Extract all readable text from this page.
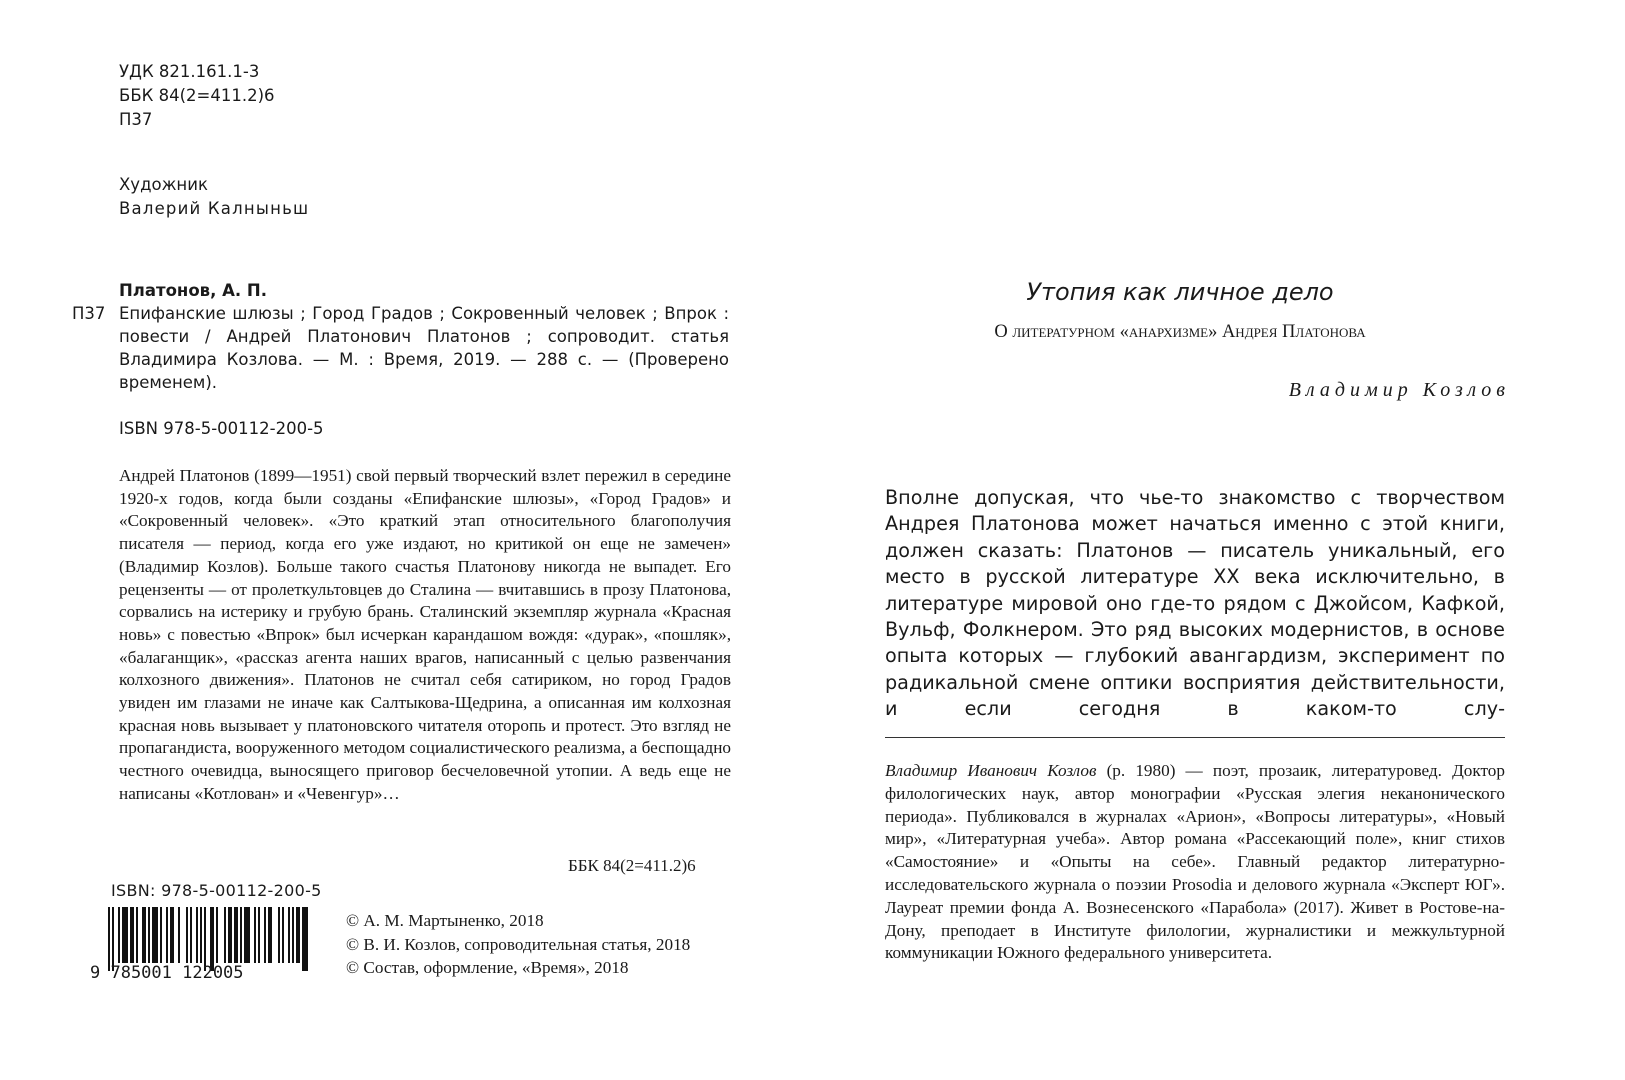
УДК 821.161.1-3
ББК 84(2=411.2)6
П37
Художник
Валерий Калныньш
Платонов, А. П.
П37 Епифанские шлюзы ; Город Градов ; Сокровенный человек ; Впрок : повести / Андрей Платонович Платонов ; сопроводит. статья Владимира Козлова. — М. : Время, 2019. — 288 с. — (Проверено временем).
ISBN 978-5-00112-200-5
Андрей Платонов (1899—1951) свой первый творческий взлет пережил в середине 1920-х годов, когда были созданы «Епифанские шлюзы», «Город Градов» и «Сокровенный человек». «Это краткий этап относительного благополучия писателя — период, когда его уже издают, но критикой он еще не замечен» (Владимир Козлов). Больше такого счастья Платонову никогда не выпадет. Его рецензенты — от пролеткультовцев до Сталина — вчитавшись в прозу Платонова, сорвались на истерику и грубую брань. Сталинский экземпляр журнала «Красная новь» с повестью «Впрок» был исчеркан карандашом вождя: «дурак», «пошляк», «балаганщик», «рассказ агента наших врагов, написанный с целью развенчания колхозного движения». Платонов не считал себя сатириком, но город Градов увиден им глазами не иначе как Салтыкова-Щедрина, а описанная им колхозная красная новь вызывает у платоновского читателя оторопь и протест. Это взгляд не пропагандиста, вооруженного методом социалистического реализма, а беспощадно честного очевидца, выносящего приговор бесчеловечной утопии. А ведь еще не написаны «Котлован» и «Чевенгур»…
ББК 84(2=411.2)6
ISBN: 978-5-00112-200-5
9 785001 122005
© А. М. Мартыненко, 2018
© В. И. Козлов, сопроводительная статья, 2018
© Состав, оформление, «Время», 2018
Утопия как личное дело
О литературном «анархизме» Андрея Платонова
Владимир Козлов
Вполне допуская, что чье-то знакомство с творчеством Андрея Платонова может начаться именно с этой книги, должен сказать: Платонов — писатель уникальный, его место в русской литературе XX века исключительно, в литературе мировой оно где-то рядом с Джойсом, Кафкой, Вульф, Фолкнером. Это ряд высоких модернистов, в основе опыта которых — глубокий авангардизм, эксперимент по радикальной смене оптики восприятия действительности, и если сегодня в каком-то слу-
Владимир Иванович Козлов (р. 1980) — поэт, прозаик, литературовед. Доктор филологических наук, автор монографии «Русская элегия неканонического периода». Публиковался в журналах «Арион», «Вопросы литературы», «Новый мир», «Литературная учеба». Автор романа «Рассекающий поле», книг стихов «Самостояние» и «Опыты на себе». Главный редактор литературно-исследовательского журнала о поэзии Prosodia и делового журнала «Эксперт ЮГ». Лауреат премии фонда А. Вознесенского «Парабола» (2017). Живет в Ростове-на-Дону, преподает в Институте филологии, журналистики и межкультурной коммуникации Южного федерального университета.
